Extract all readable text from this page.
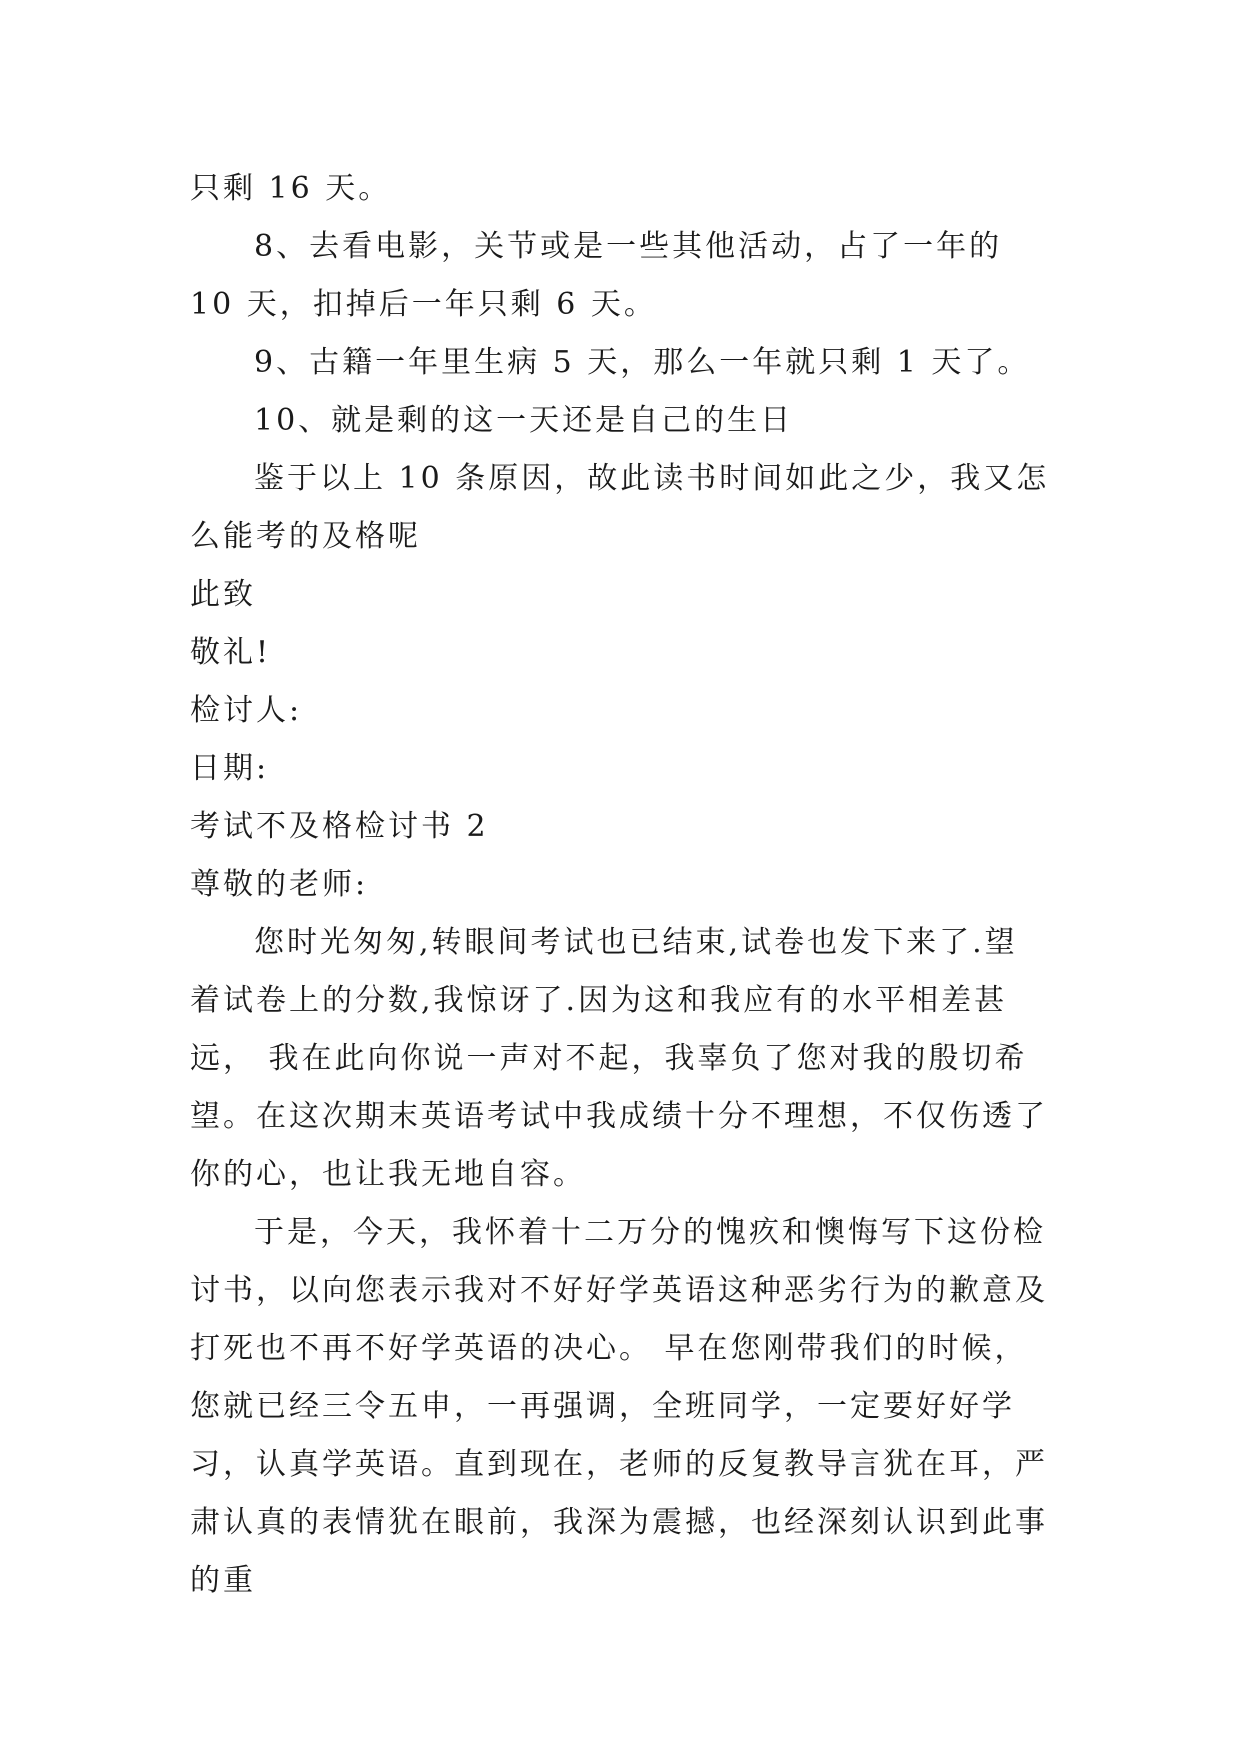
只剩 16 天。

8、去看电影，关节或是一些其他活动，占了一年的 10 天，扣掉后一年只剩 6 天。

9、古籍一年里生病 5 天，那么一年就只剩 1 天了。

10、就是剩的这一天还是自己的生日

鉴于以上 10 条原因，故此读书时间如此之少，我又怎么能考的及格呢

此致

敬礼!

检讨人:

日期:

考试不及格检讨书 2

尊敬的老师:

您时光匆匆,转眼间考试也已结束,试卷也发下来了.望着试卷上的分数,我惊讶了.因为这和我应有的水平相差甚远， 我在此向你说一声对不起，我辜负了您对我的殷切希望。在这次期末英语考试中我成绩十分不理想，不仅伤透了你的心，也让我无地自容。

于是，今天，我怀着十二万分的愧疚和懊悔写下这份检讨书，以向您表示我对不好好学英语这种恶劣行为的歉意及打死也不再不好学英语的决心。 早在您刚带我们的时候，您就已经三令五申，一再强调，全班同学，一定要好好学习，认真学英语。直到现在，老师的反复教导言犹在耳，严肃认真的表情犹在眼前，我深为震撼，也经深刻认识到此事的重
